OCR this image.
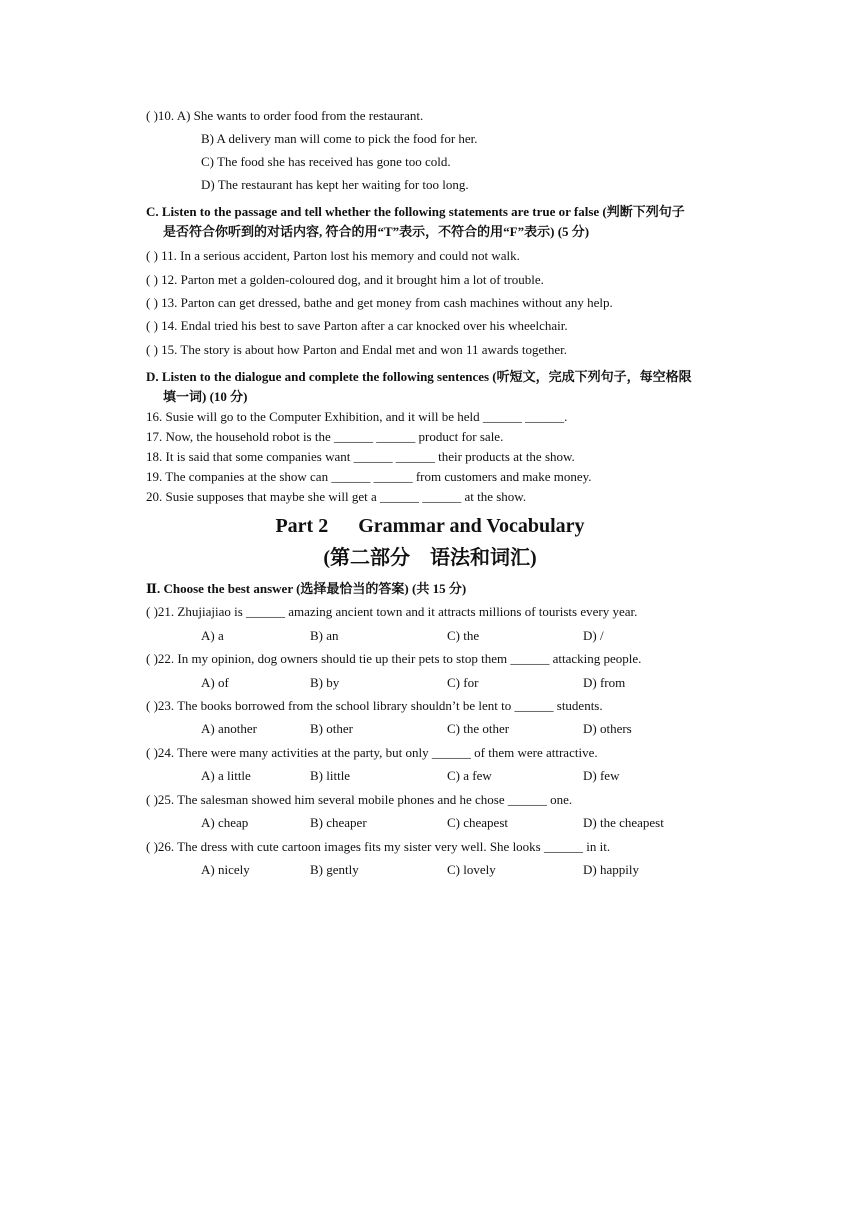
( )10. A) She wants to order food from the restaurant.
B) A delivery man will come to pick the food for her.
C) The food she has received has gone too cold.
D) The restaurant has kept her waiting for too long.
C. Listen to the passage and tell whether the following statements are true or false (判断下列句子
是否符合你听到的对话内容, 符合的用“T”表示，不符合的用“F”表示) (5 分)
( ) 11. In a serious accident, Parton lost his memory and could not walk.
( ) 12. Parton met a golden-coloured dog, and it brought him a lot of trouble.
( ) 13. Parton can get dressed, bathe and get money from cash machines without any help.
( ) 14. Endal tried his best to save Parton after a car knocked over his wheelchair.
( ) 15. The story is about how Parton and Endal met and won 11 awards together.
D. Listen to the dialogue and complete the following sentences (听短文，完成下列句子，每空格限
填一词) (10 分)
16. Susie will go to the Computer Exhibition, and it will be held ______ ______.
17. Now, the household robot is the ______ ______ product for sale.
18. It is said that some companies want ______ ______ their products at the show.
19. The companies at the show can ______ ______ from customers and make money.
20. Susie supposes that maybe she will get a ______ ______ at the show.
Part 2      Grammar and Vocabulary
(第二部分    语法和词汇)
Ⅱ. Choose the best answer (选择最恰当的答案) (共 15 分)
( )21. Zhujiajiao is ______ amazing ancient town and it attracts millions of tourists every year.
A) a	B) an	C) the	D) /
( )22. In my opinion, dog owners should tie up their pets to stop them ______ attacking people.
A) of	B) by	C) for	D) from
( )23. The books borrowed from the school library shouldn’t be lent to ______ students.
A) another	B) other	C) the other	D) others
( )24. There were many activities at the party, but only ______ of them were attractive.
A) a little	B) little	C) a few	D) few
( )25. The salesman showed him several mobile phones and he chose ______ one.
A) cheap	B) cheaper	C) cheapest	D) the cheapest
( )26. The dress with cute cartoon images fits my sister very well. She looks ______ in it.
A) nicely	B) gently	C) lovely	D) happily
